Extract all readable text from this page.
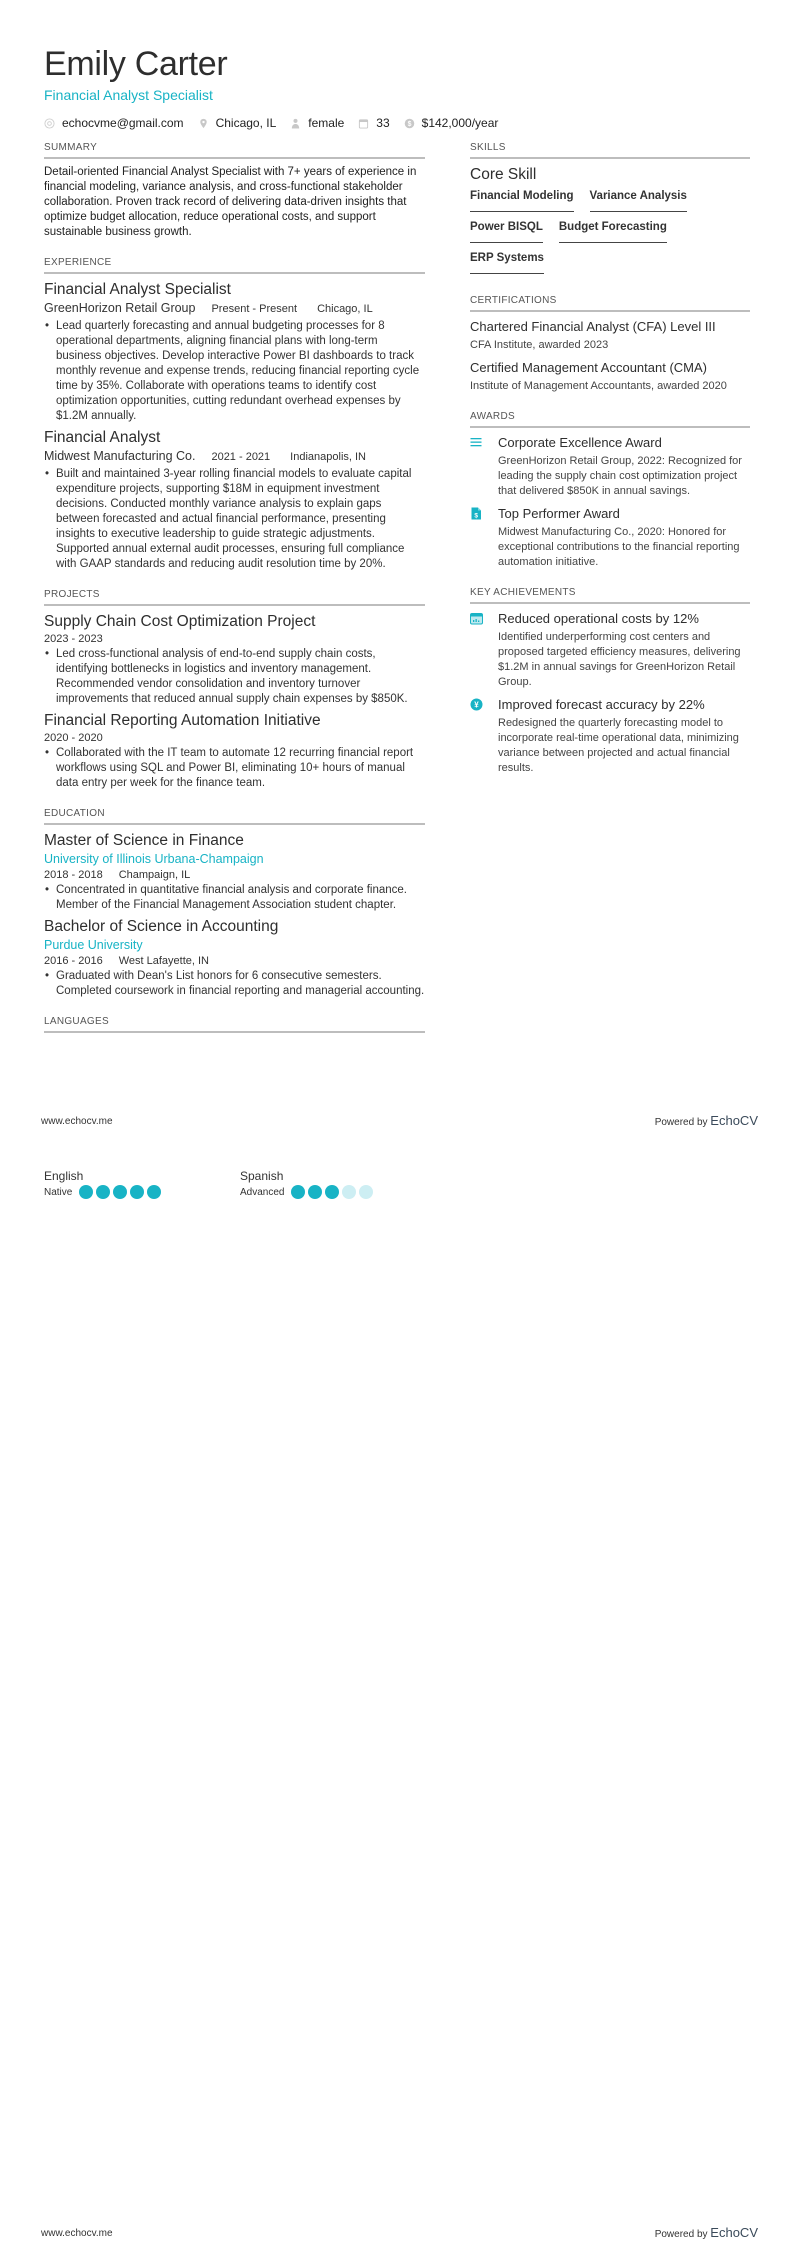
Emily Carter
Financial Analyst Specialist
echocvme@gmail.com	Chicago, IL	female	33 $ $142,000/year
SUMMARY
Detail-oriented Financial Analyst Specialist with 7+ years of experience in financial modeling, variance analysis, and cross-functional stakeholder collaboration. Proven track record of delivering data-driven insights that optimize budget allocation, reduce operational costs, and support sustainable business growth.
EXPERIENCE
Financial Analyst Specialist
GreenHorizon Retail Group Present - Present Chicago, IL
• Lead quarterly forecasting and annual budgeting processes for 8 operational departments, aligning financial plans with long-term business objectives. Develop interactive Power BI dashboards to track monthly revenue and expense trends, reducing financial reporting cycle time by 35%. Collaborate with operations teams to identify cost optimization opportunities, cutting redundant overhead expenses by $1.2M annually.
Financial Analyst
Midwest Manufacturing Co. 2021 - 2021 Indianapolis, IN
• Built and maintained 3-year rolling financial models to evaluate capital expenditure projects, supporting $18M in equipment investment decisions. Conducted monthly variance analysis to explain gaps between forecasted and actual financial performance, presenting insights to executive leadership to guide strategic adjustments. Supported annual external audit processes, ensuring full compliance with GAAP standards and reducing audit resolution time by 20%.
PROJECTS
Supply Chain Cost Optimization Project
2023 - 2023
• Led cross-functional analysis of end-to-end supply chain costs, identifying bottlenecks in logistics and inventory management. Recommended vendor consolidation and inventory turnover improvements that reduced annual supply chain expenses by $850K.
Financial Reporting Automation Initiative
2020 - 2020
• Collaborated with the IT team to automate 12 recurring financial report workflows using SQL and Power BI, eliminating 10+ hours of manual data entry per week for the finance team.
EDUCATION
Master of Science in Finance
University of Illinois Urbana-Champaign
2018 - 2018 Champaign, IL
• Concentrated in quantitative financial analysis and corporate finance. Member of the Financial Management Association student chapter.
Bachelor of Science in Accounting
Purdue University
2016 - 2016 West Lafayette, IN
• Graduated with Dean's List honors for 6 consecutive semesters. Completed coursework in financial reporting and managerial accounting.
LANGUAGES
SKILLS
Core Skill
Financial Modeling Variance Analysis
Power BI SQL Budget Forecasting
ERP Systems
CERTIFICATIONS
Chartered Financial Analyst (CFA) Level III
CFA Institute, awarded 2023
Certified Management Accountant (CMA)
Institute of Management Accountants, awarded 2020
AWARDS
Corporate Excellence Award
GreenHorizon Retail Group, 2022: Recognized for leading the supply chain cost optimization project that delivered $850K in annual savings.
$ Top Performer Award
Midwest Manufacturing Co., 2020: Honored for exceptional contributions to the financial reporting automation initiative.
KEY ACHIEVEMENTS
Reduced operational costs by 12%
Identified underperforming cost centers and proposed targeted efficiency measures, delivering $1.2M in annual savings for GreenHorizon Retail Group.
¥ Improved forecast accuracy by 22%
Redesigned the quarterly forecasting model to incorporate real-time operational data, minimizing variance between projected and actual financial results.
www.echocv.me	Powered by EchoCV
English
Native
Spanish
Advanced
www.echocv.me	Powered by EchoCV
